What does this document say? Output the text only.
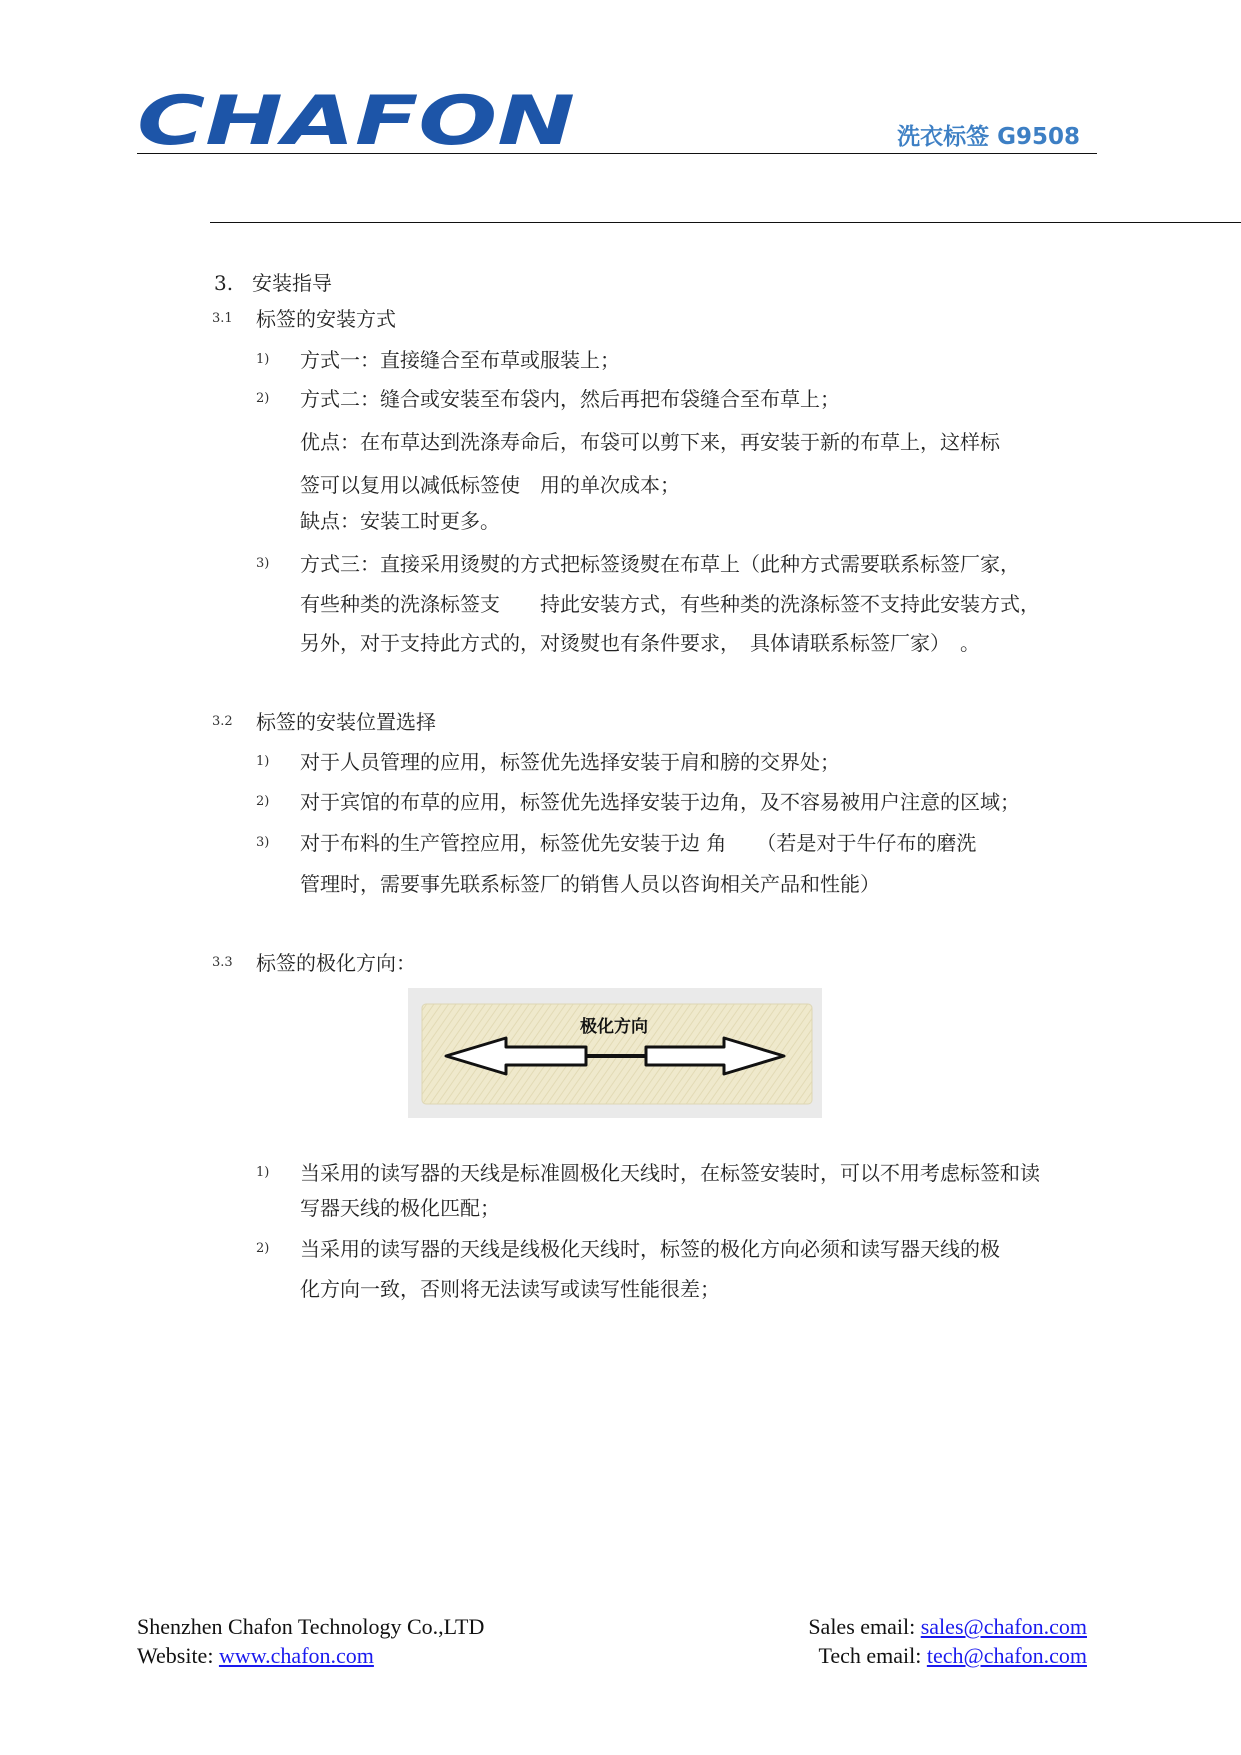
CHAFON	洗衣标签 G9508
3. 安装指导
3.1 标签的安装方式
1) 方式一：直接缝合至布草或服装上；
2) 方式二：缝合或安装至布袋内，然后再把布袋缝合至布草上；
优点：在布草达到洗涤寿命后，布袋可以剪下来，再安装于新的布草上，这样标
签可以复用以减低标签使　用的单次成本；
缺点：安装工时更多。
3) 方式三：直接采用烫熨的方式把标签烫熨在布草上（此种方式需要联系标签厂家，
有些种类的洗涤标签支　　持此安装方式，有些种类的洗涤标签不支持此安装方式，
另外，对于支持此方式的，对烫熨也有条件要求，　具体请联系标签厂家）　。
3.2 标签的安装位置选择
1) 对于人员管理的应用，标签优先选择安装于肩和膀的交界处；
2) 对于宾馆的布草的应用，标签优先选择安装于边角，及不容易被用户注意的区域；
3) 对于布料的生产管控应用，标签优先安装于边 角　　（若是对于牛仔布的磨洗
管理时，需要事先联系标签厂的销售人员以咨询相关产品和性能）
3.3 标签的极化方向：
极化方向
1) 当采用的读写器的天线是标准圆极化天线时，在标签安装时，可以不用考虑标签和读
写器天线的极化匹配；
2) 当采用的读写器的天线是线极化天线时，标签的极化方向必须和读写器天线的极
化方向一致，否则将无法读写或读写性能很差；
Shenzhen Chafon Technology Co.,LTD
Website: www.chafon.com
Sales email: sales@chafon.com
Tech email: tech@chafon.com
